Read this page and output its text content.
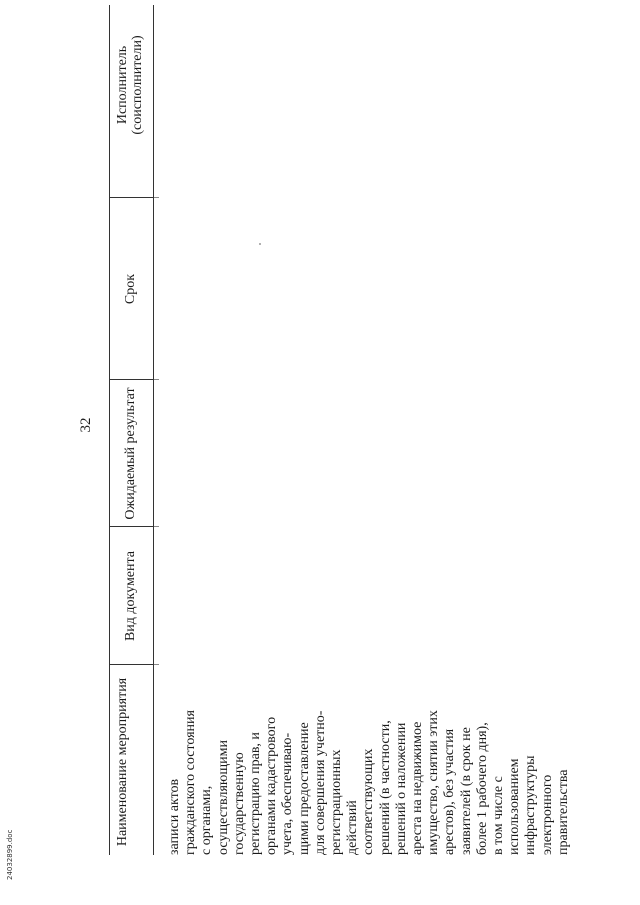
32
Наименование мероприятия
Вид документа
Ожидаемый результат
Срок
Исполнитель (соисполнители)
записи актов гражданского состояния с органами, осуществляющими государственную регистрацию прав, и органами кадастрового учета, обеспечиваю- щими предоставление для совершения учетно- регистрационных действий соответствующих решений (в частности, решений о наложении ареста на недвижимое имущество, снятии этих арестов), без участия заявителей (в срок не более 1 рабочего дня), в том числе с использованием инфраструктуры электронного правительства
24032899.doc
